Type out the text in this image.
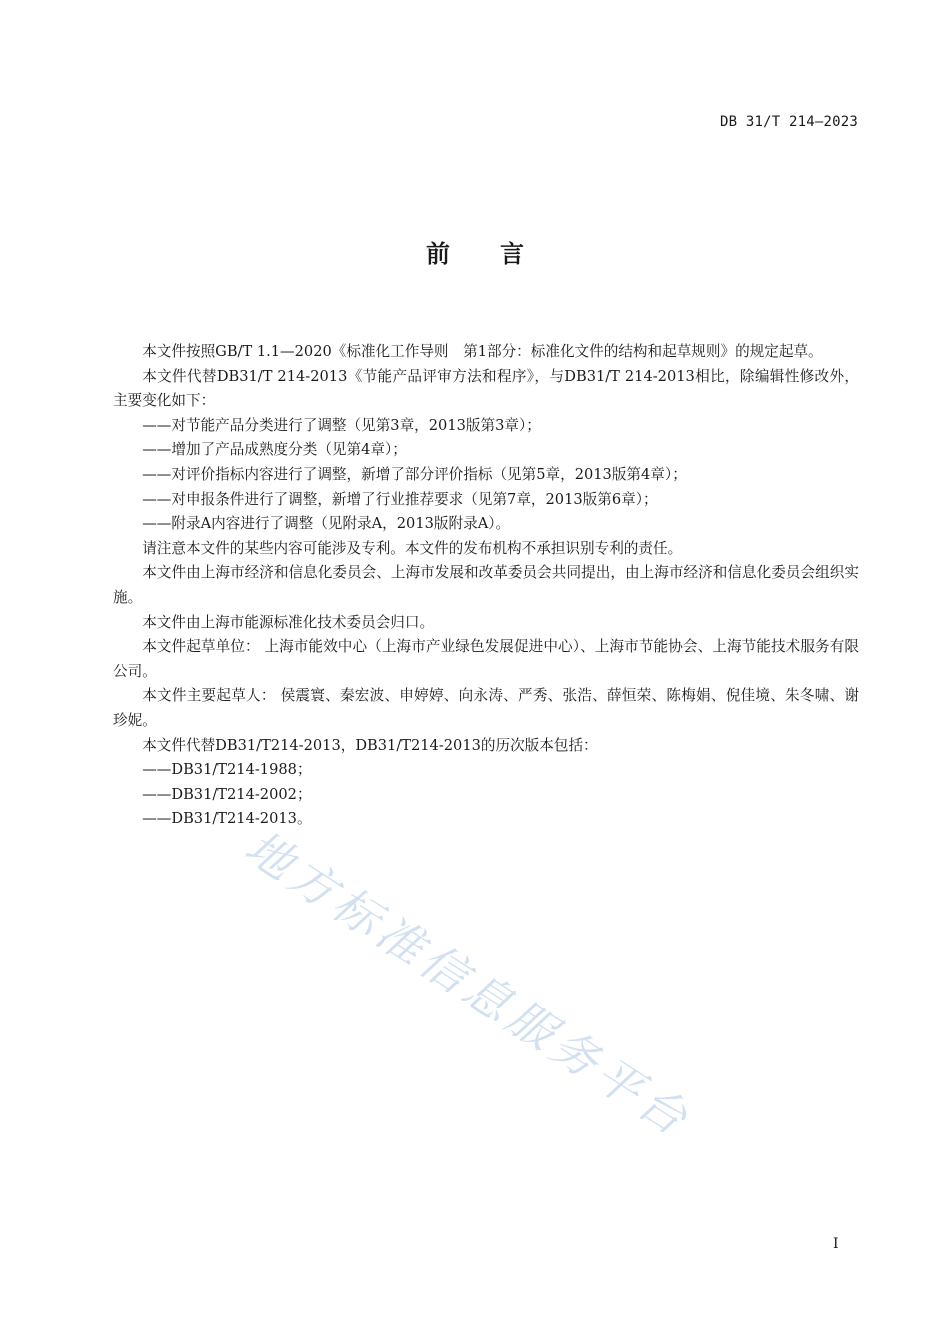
DB 31/T 214—2023
前言

本文件按照GB/T 1.1—2020《标准化工作导则　第1部分：标准化文件的结构和起草规则》的规定起草。

本文件代替DB31/T 214-2013《节能产品评审方法和程序》，与DB31/T 214-2013相比，除编辑性修改外，主要变化如下：

——对节能产品分类进行了调整（见第3章，2013版第3章）；

——增加了产品成熟度分类（见第4章）；

——对评价指标内容进行了调整，新增了部分评价指标（见第5章，2013版第4章）；

——对申报条件进行了调整，新增了行业推荐要求（见第7章，2013版第6章）；

——附录A内容进行了调整（见附录A，2013版附录A）。

请注意本文件的某些内容可能涉及专利。本文件的发布机构不承担识别专利的责任。

本文件由上海市经济和信息化委员会、上海市发展和改革委员会共同提出，由上海市经济和信息化委员会组织实施。

本文件由上海市能源标准化技术委员会归口。

本文件起草单位： 上海市能效中心（上海市产业绿色发展促进中心）、上海市节能协会、上海节能技术服务有限公司。

本文件主要起草人： 侯震寰、秦宏波、申婷婷、向永涛、严秀、张浩、薛恒荣、陈梅娟、倪佳境、朱冬啸、谢珍妮。

本文件代替DB31/T214-2013，DB31/T214-2013的历次版本包括：

——DB31/T214-1988；

——DB31/T214-2002；

——DB31/T214-2013。

地方标准信息服务平台
I
